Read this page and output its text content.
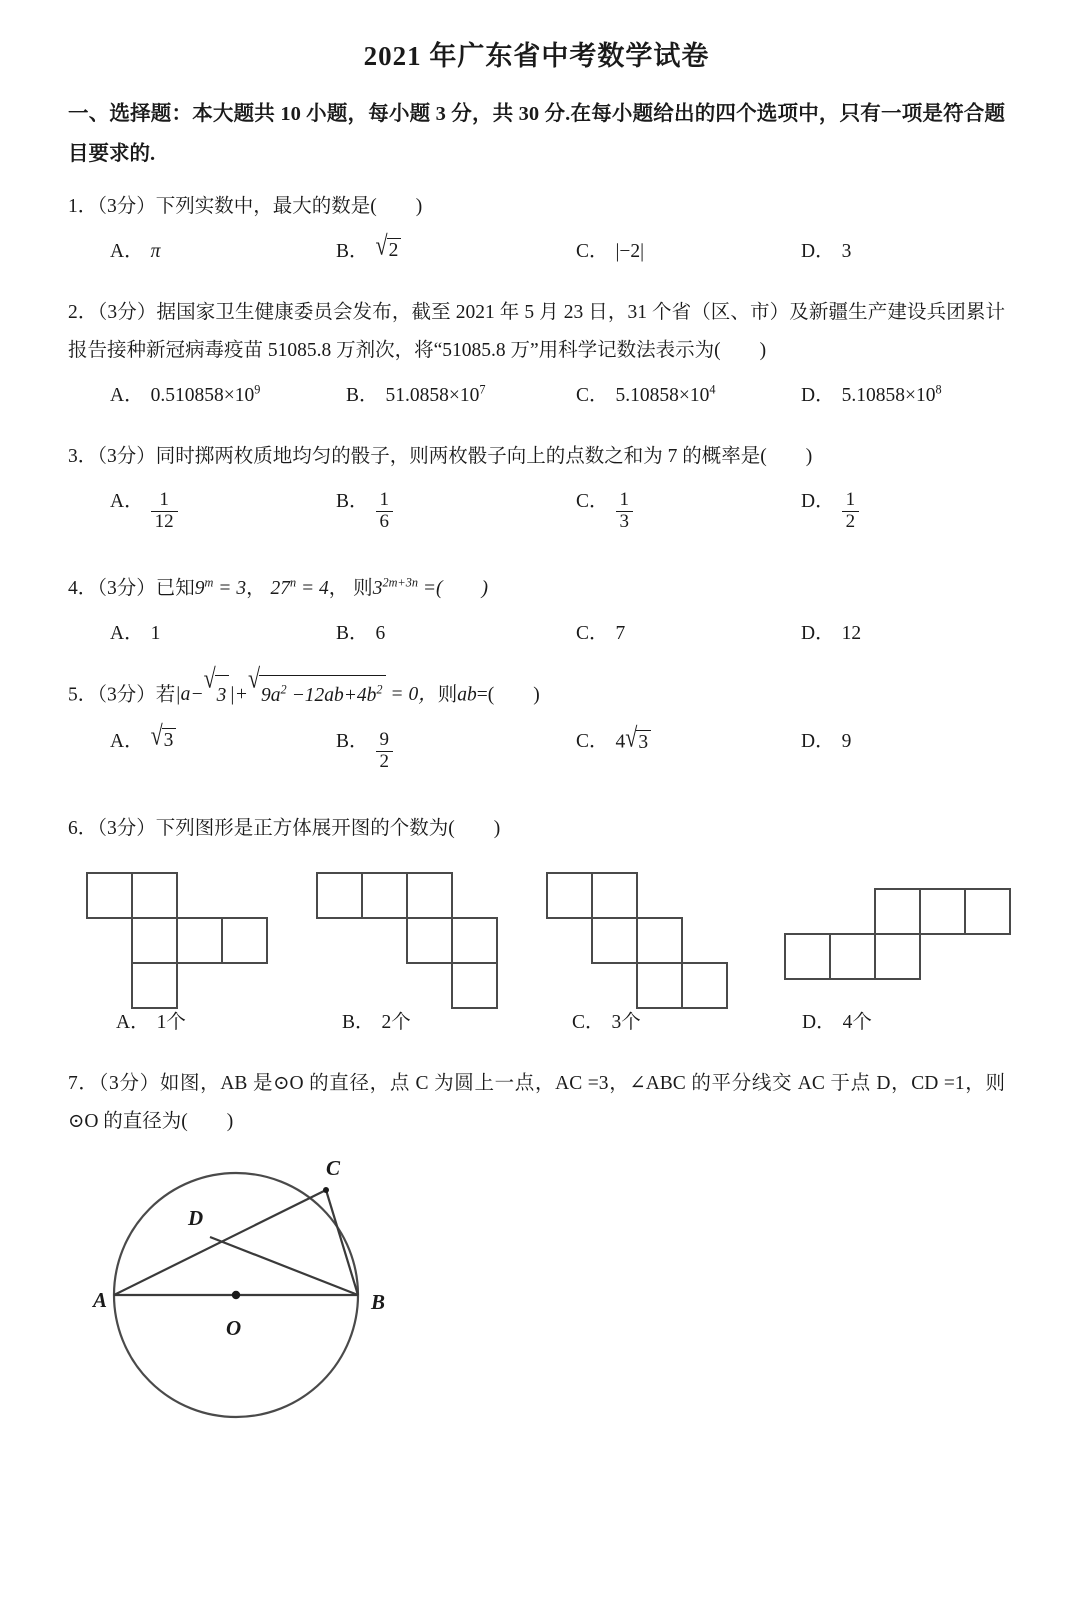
2021 年广东省中考数学试卷
一、选择题：本大题共 10 小题，每小题 3 分，共 30 分.在每小题给出的四个选项中，只有一项是符合题目要求的.
1．（3分）下列实数中，最大的数是(　　)
A． π	B． √ 2	C． |−2|	D． 3
2．（3分）据国家卫生健康委员会发布，截至 2021 年 5 月 23 日，31 个省（区、市）及新疆生产建设兵团累计报告接种新冠病毒疫苗 51085.8 万剂次，将“51085.8 万”用科学记数法表示为(　　)
A． $0.510858\times 10^9$	B． $51.0858\times 10^7$	C． $5.10858\times 10^4$	D． $5.10858\times 10^8$
3．（3分）同时掷两枚质地均匀的骰子，则两枚骰子向上的点数之和为 7 的概率是(　　)
A． $\frac{1}{12}$	B． $\frac{1}{6}$	C． $\frac{1}{3}$	D． $\frac{1}{2}$
4．（3分）已知$9^m = 3$， $27^n = 4$， 则$3^{2m+3n}$ =(　　)
A． 1	B． 6	C． 7	D． 12
5．（3分）若|a−
√
3 |+
√
$9a^2 -12ab+4b^2 = 0$，则ab=(　　)
A． √ 3	B． $\frac{9}{2}$	C． 4 √ 3	D． 9
6．（3分）下列图形是正方体展开图的个数为(　　)
A． 1个	B． 2个	C． 3个	D． 4个
7．（3分）如图，AB 是⊙O 的直径，点 C 为圆上一点，AC =3，∠ABC 的平分线交 AC 于点 D，CD =1，则⊙O 的直径为(　　)
A	B
C
D
O
